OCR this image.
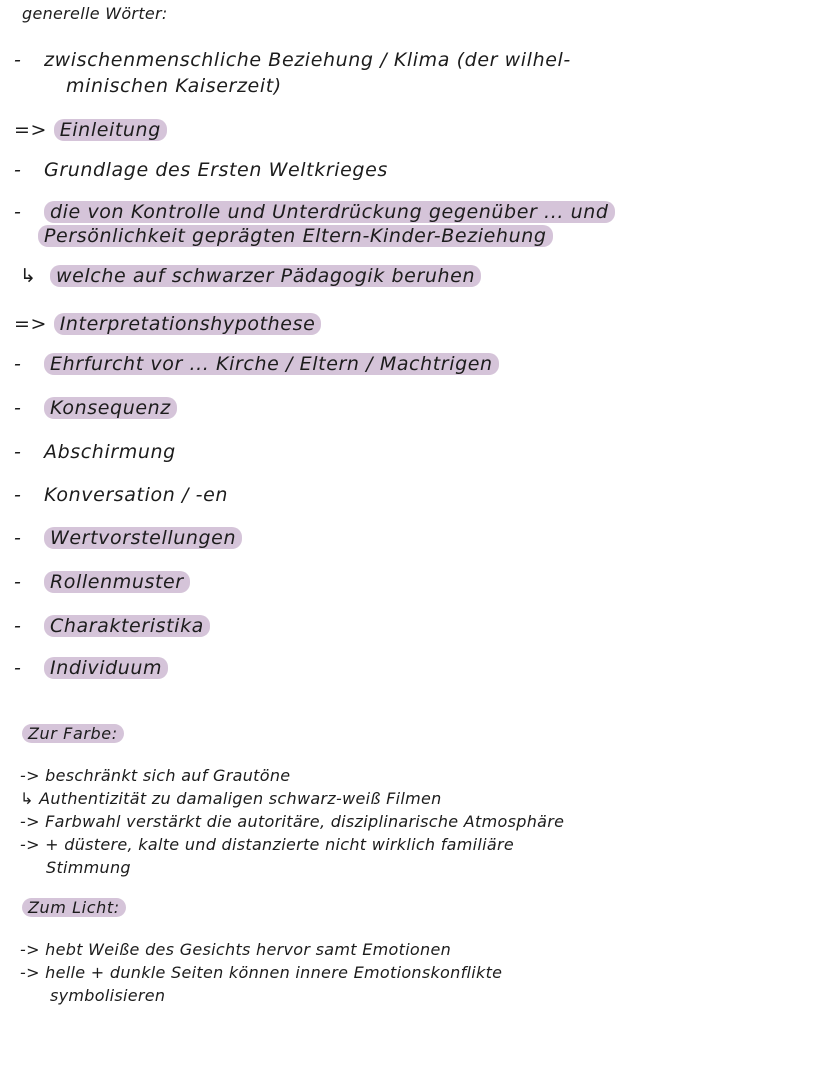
generelle Wörter:
- zwischenmenschliche Beziehung / Klima (der wilhel-
minischen Kaiserzeit)
=> Einleitung
- Grundlage des Ersten Weltkrieges
- die von Kontrolle und Unterdrückung gegenüber ... und
Persönlichkeit geprägten Eltern-Kinder-Beziehung
↳ welche auf schwarzer Pädagogik beruhen
=> Interpretationshypothese
- Ehrfurcht vor ... Kirche / Eltern / Machtrigen
- Konsequenz
- Abschirmung
- Konversation / -en
- Wertvorstellungen
- Rollenmuster
- Charakteristika
- Individuum
Zur Farbe:
-> beschränkt sich auf Grautöne
↳ Authentizität zu damaligen schwarz-weiß Filmen
-> Farbwahl verstärkt die autoritäre, disziplinarische Atmosphäre
-> + düstere, kalte und distanzierte nicht wirklich familiäre
Stimmung
Zum Licht:
-> hebt Weiße des Gesichts hervor samt Emotionen
-> helle + dunkle Seiten können innere Emotionskonflikte
symbolisieren
